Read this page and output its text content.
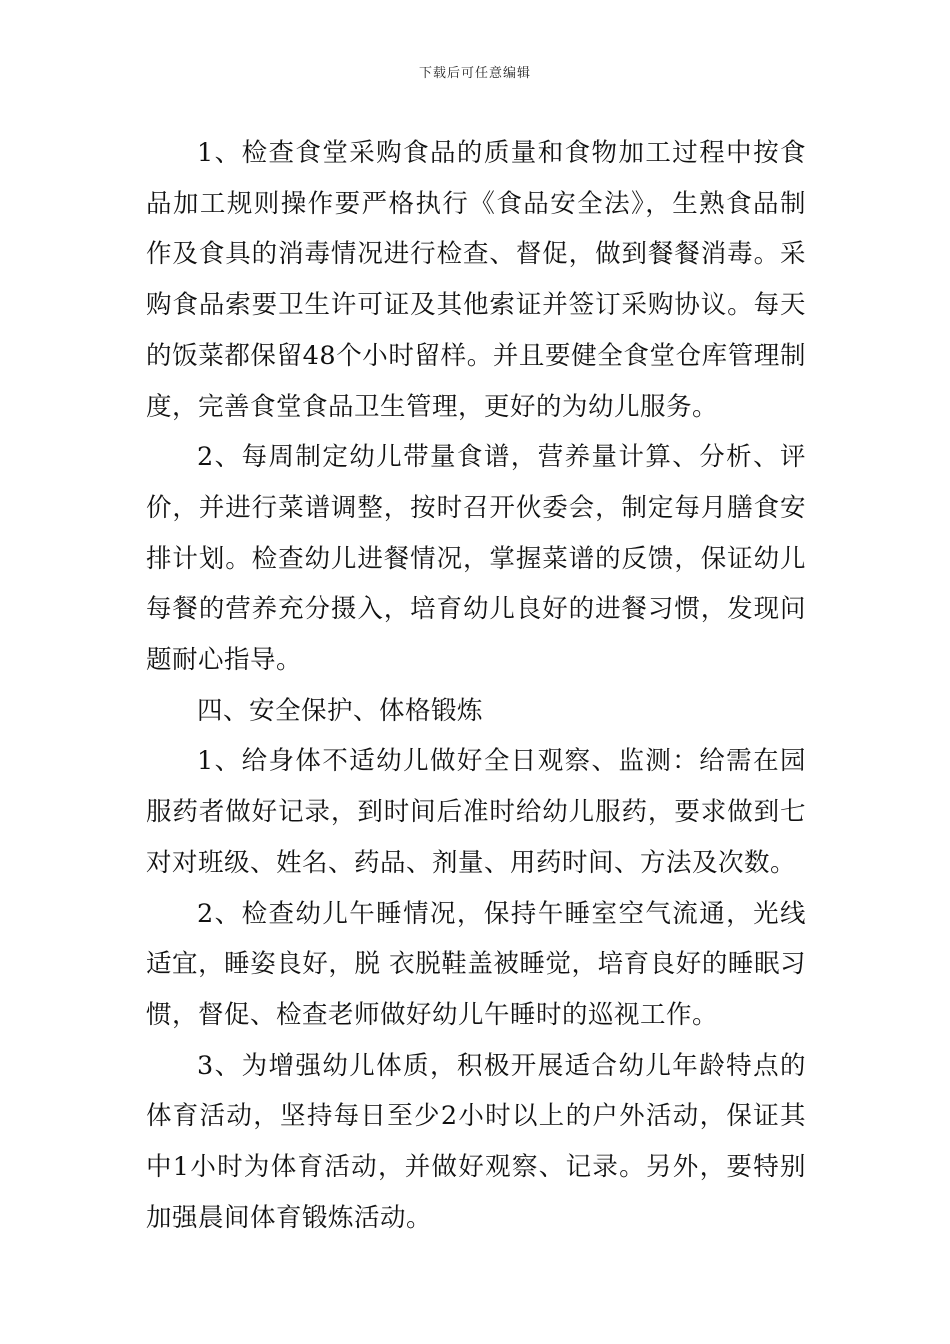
下载后可任意编辑

1、检查食堂采购食品的质量和食物加工过程中按食品加工规则操作要严格执行《食品安全法》，生熟食品制作及食具的消毒情况进行检查、督促，做到餐餐消毒。采购食品索要卫生许可证及其他索证并签订采购协议。每天的饭菜都保留48个小时留样。并且要健全食堂仓库管理制度，完善食堂食品卫生管理，更好的为幼儿服务。

2、每周制定幼儿带量食谱，营养量计算、分析、评价，并进行菜谱调整，按时召开伙委会，制定每月膳食安排计划。检查幼儿进餐情况，掌握菜谱的反馈，保证幼儿每餐的营养充分摄入，培育幼儿良好的进餐习惯，发现问题耐心指导。

四、安全保护、体格锻炼

1、给身体不适幼儿做好全日观察、监测：给需在园服药者做好记录，到时间后准时给幼儿服药，要求做到七对对班级、姓名、药品、剂量、用药时间、方法及次数。

2、检查幼儿午睡情况，保持午睡室空气流通，光线适宜，睡姿良好，脱 衣脱鞋盖被睡觉，培育良好的睡眠习惯，督促、检查老师做好幼儿午睡时的巡视工作。

3、为增强幼儿体质，积极开展适合幼儿年龄特点的体育活动，坚持每日至少2小时以上的户外活动，保证其中1小时为体育活动，并做好观察、记录。另外，要特别加强晨间体育锻炼活动。
